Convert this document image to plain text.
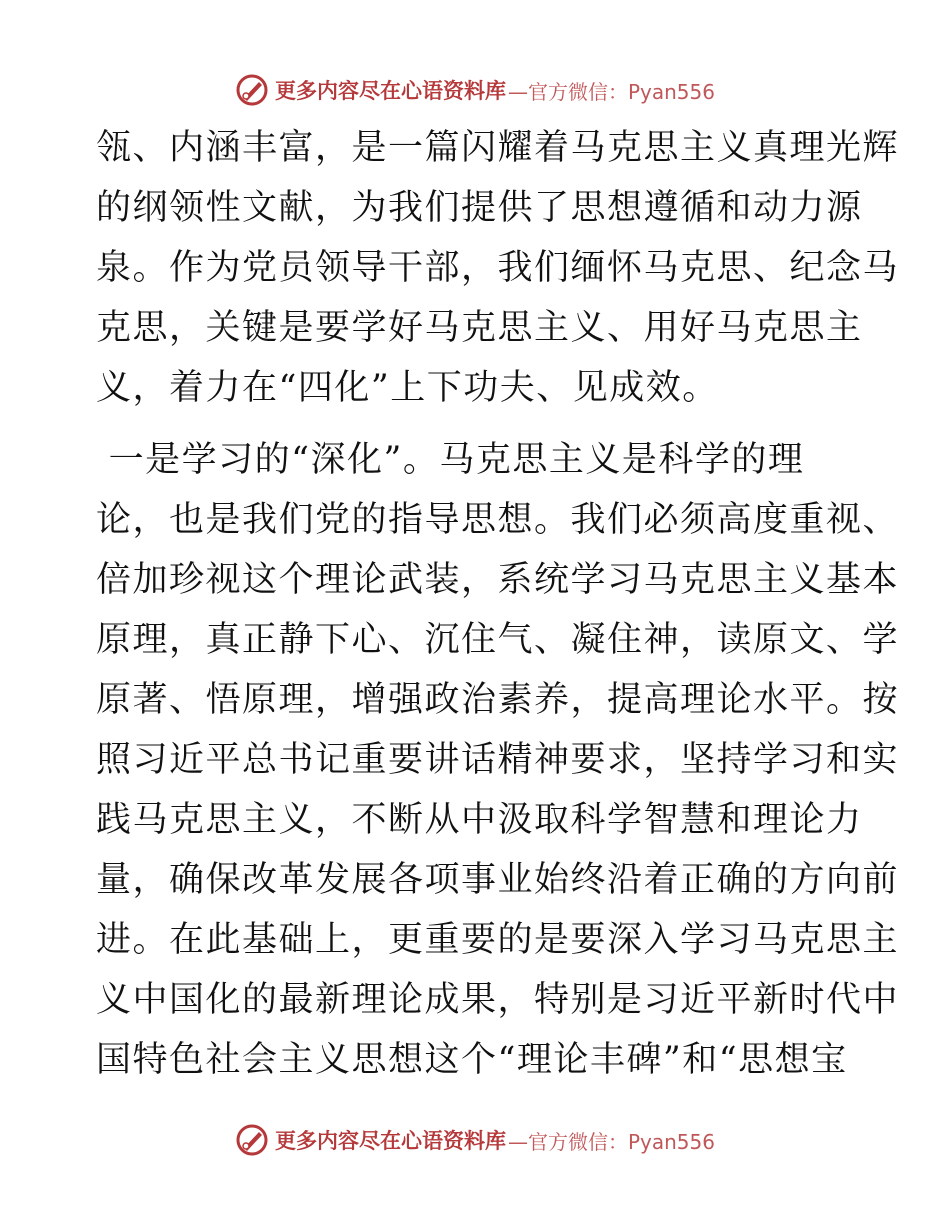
更多内容尽在心语资料库 —官方微信：Pyan556

瓴、内涵丰富，是一篇闪耀着马克思主义真理光辉
的纲领性文献，为我们提供了思想遵循和动力源
泉。作为党员领导干部，我们缅怀马克思、纪念马
克思，关键是要学好马克思主义、用好马克思主
义，着力在“四化”上下功夫、见成效。

一是学习的“深化”。马克思主义是科学的理
论，也是我们党的指导思想。我们必须高度重视、
倍加珍视这个理论武装，系统学习马克思主义基本
原理，真正静下心、沉住气、凝住神，读原文、学
原著、悟原理，增强政治素养，提高理论水平。按
照习近平总书记重要讲话精神要求，坚持学习和实
践马克思主义，不断从中汲取科学智慧和理论力
量，确保改革发展各项事业始终沿着正确的方向前
进。在此基础上，更重要的是要深入学习马克思主
义中国化的最新理论成果，特别是习近平新时代中
国特色社会主义思想这个“理论丰碑”和“思想宝

更多内容尽在心语资料库 —官方微信：Pyan556
